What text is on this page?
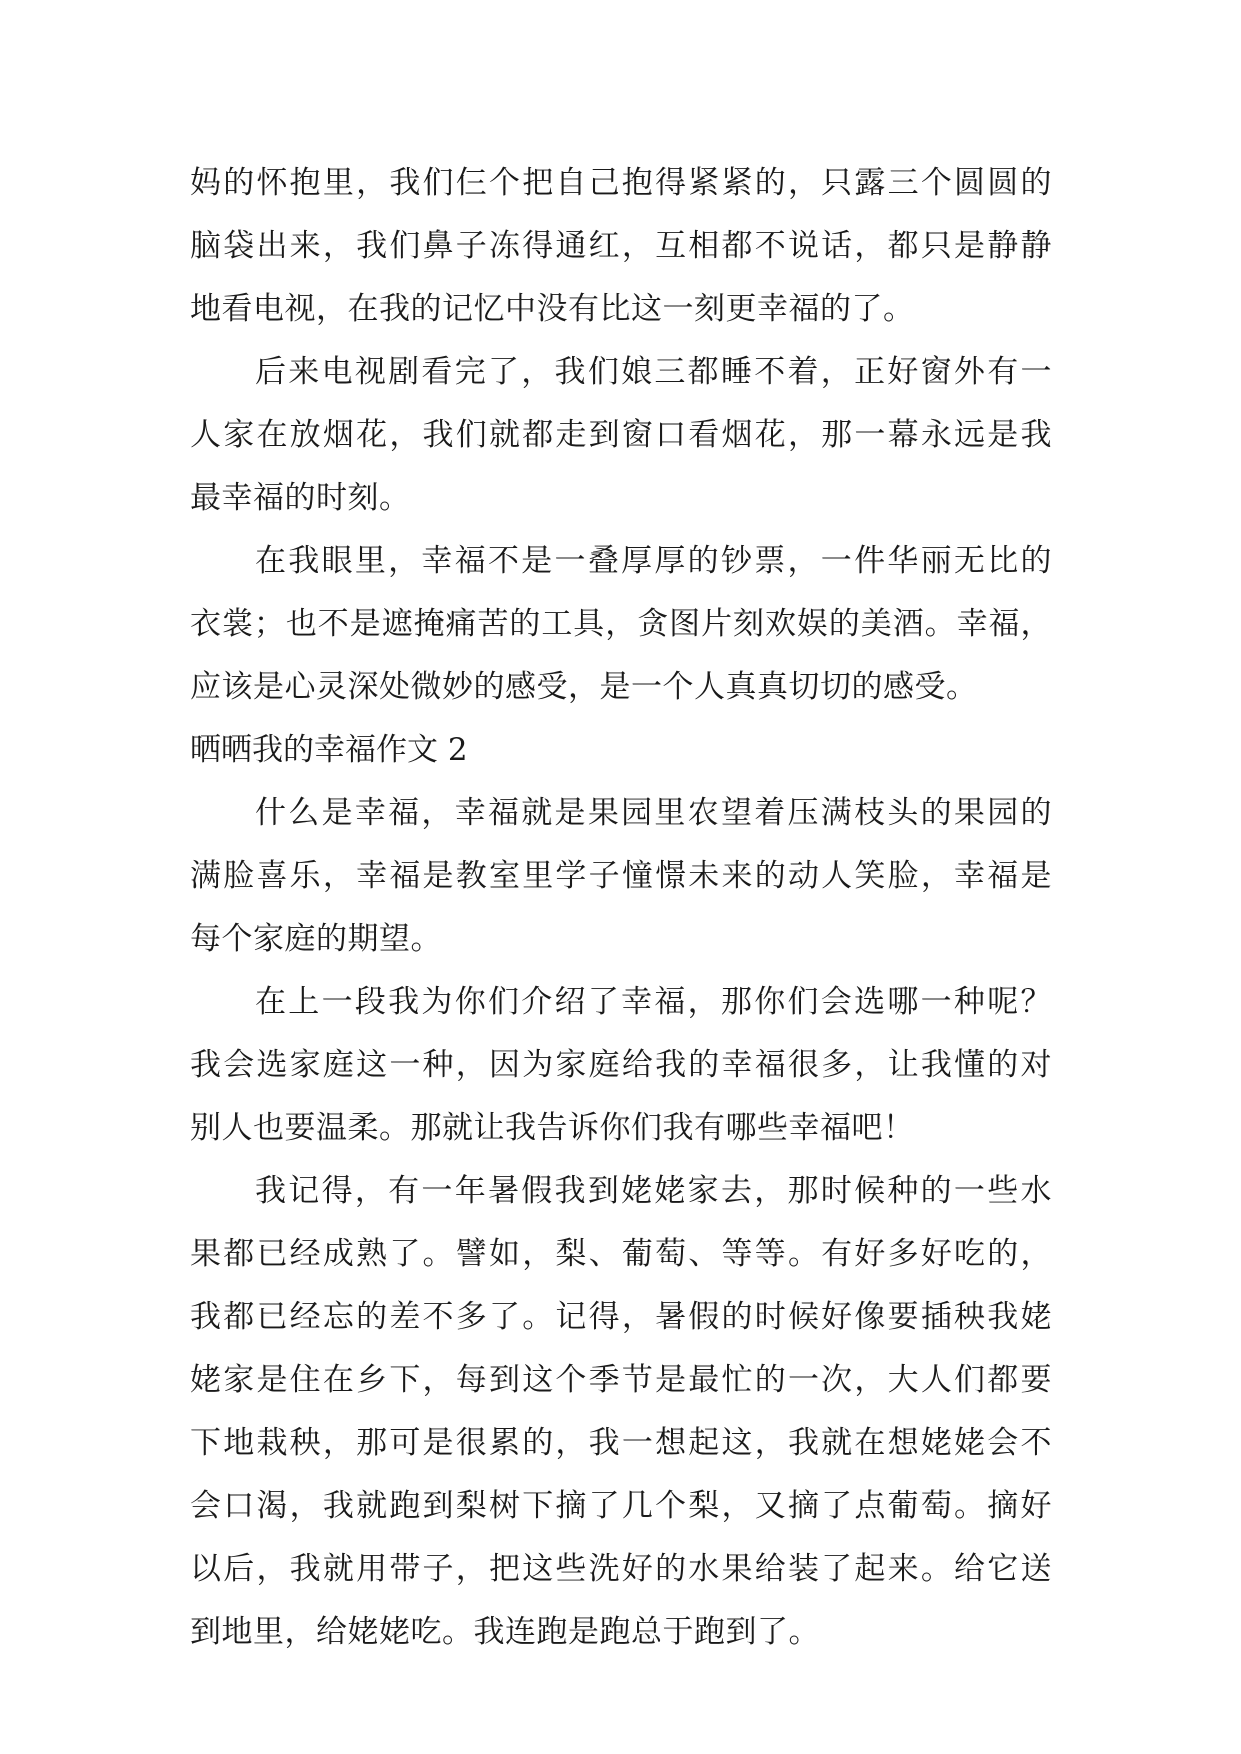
妈的怀抱里，我们仨个把自己抱得紧紧的，只露三个圆圆的
脑袋出来，我们鼻子冻得通红，互相都不说话，都只是静静
地看电视，在我的记忆中没有比这一刻更幸福的了。
后来电视剧看完了，我们娘三都睡不着，正好窗外有一
人家在放烟花，我们就都走到窗口看烟花，那一幕永远是我
最幸福的时刻。
在我眼里，幸福不是一叠厚厚的钞票，一件华丽无比的
衣裳；也不是遮掩痛苦的工具，贪图片刻欢娱的美酒。幸福，
应该是心灵深处微妙的感受，是一个人真真切切的感受。
晒晒我的幸福作文 2
什么是幸福，幸福就是果园里农望着压满枝头的果园的
满脸喜乐，幸福是教室里学子憧憬未来的动人笑脸，幸福是
每个家庭的期望。
在上一段我为你们介绍了幸福，那你们会选哪一种呢？
我会选家庭这一种，因为家庭给我的幸福很多，让我懂的对
别人也要温柔。那就让我告诉你们我有哪些幸福吧！
我记得，有一年暑假我到姥姥家去，那时候种的一些水
果都已经成熟了。譬如，梨、葡萄、等等。有好多好吃的，
我都已经忘的差不多了。记得，暑假的时候好像要插秧我姥
姥家是住在乡下，每到这个季节是最忙的一次，大人们都要
下地栽秧，那可是很累的，我一想起这，我就在想姥姥会不
会口渴，我就跑到梨树下摘了几个梨，又摘了点葡萄。摘好
以后，我就用带子，把这些洗好的水果给装了起来。给它送
到地里，给姥姥吃。我连跑是跑总于跑到了。
